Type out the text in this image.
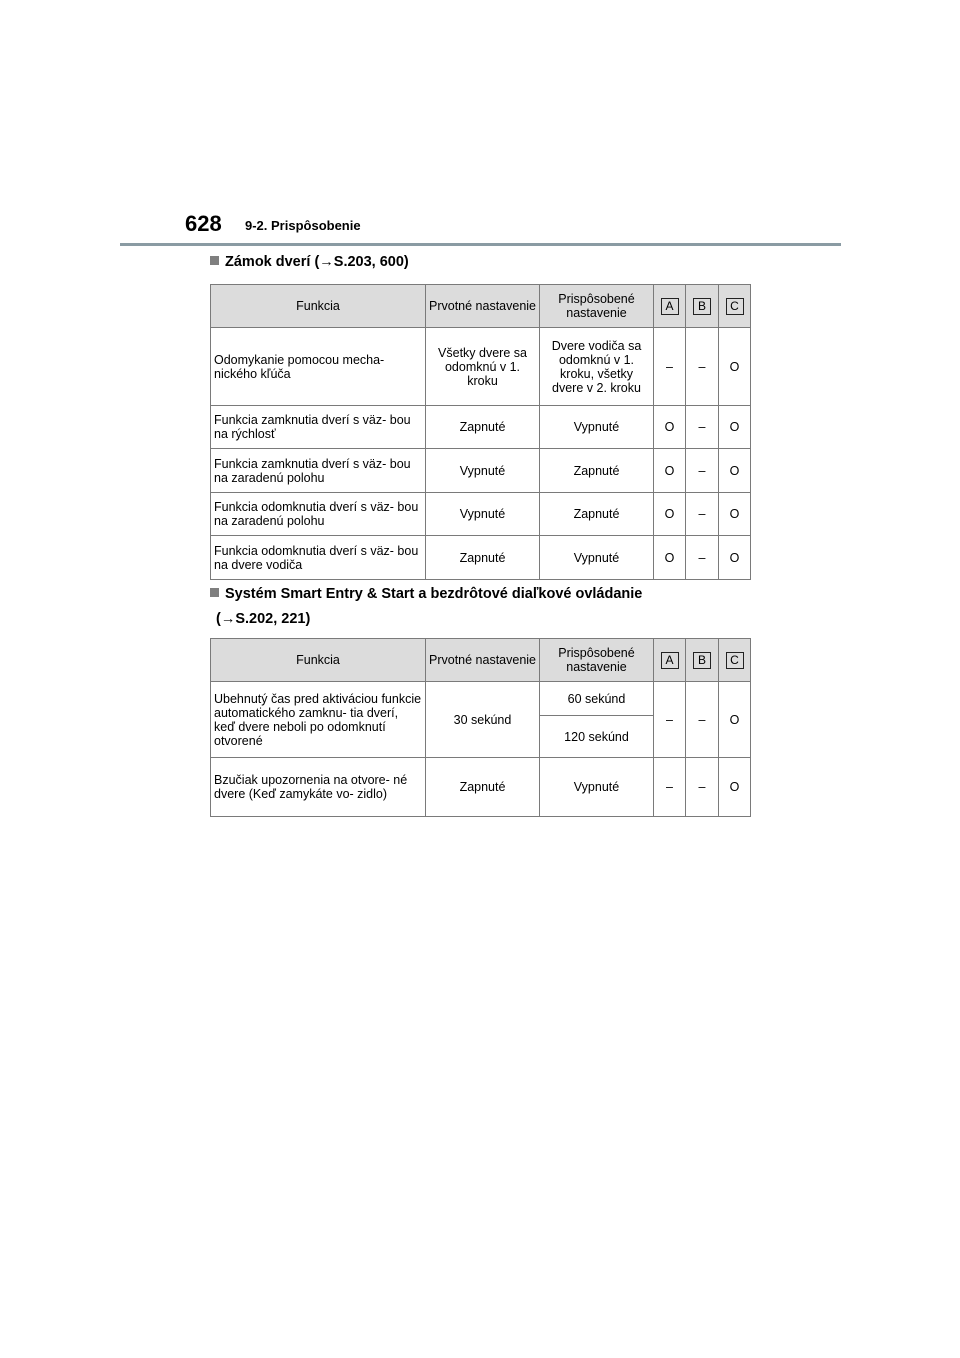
628 9-2. Prispôsobenie
Zámok dverí (→S.203, 600)
Funkcia	Prvotné nastavenie	Prispôsobené nastavenie	A	B	C
Odomykanie pomocou mecha- nického kľúča	Všetky dvere sa odomknú v 1. kroku	Dvere vodiča sa odomknú v 1. kroku, všetky dvere v 2. kroku	–	–	O
Funkcia zamknutia dverí s väz- bou na rýchlosť	Zapnuté	Vypnuté	O	–	O
Funkcia zamknutia dverí s väz- bou na zaradenú polohu	Vypnuté	Zapnuté	O	–	O
Funkcia odomknutia dverí s väz- bou na zaradenú polohu	Vypnuté	Zapnuté	O	–	O
Funkcia odomknutia dverí s väz- bou na dvere vodiča	Zapnuté	Vypnuté	O	–	O
Systém Smart Entry & Start a bezdrôtové diaľkové ovládanie
(→S.202, 221)
Funkcia	Prvotné nastavenie	Prispôsobené nastavenie	A	B	C
Ubehnutý čas pred aktiváciou funkcie automatického zamknu- tia dverí, keď dvere neboli po odomknutí otvorené	30 sekúnd	60 sekúnd	–	–	O
		120 sekúnd			
Bzučiak upozornenia na otvore- né dvere (Keď zamykáte vo- zidlo)	Zapnuté	Vypnuté	–	–	O
